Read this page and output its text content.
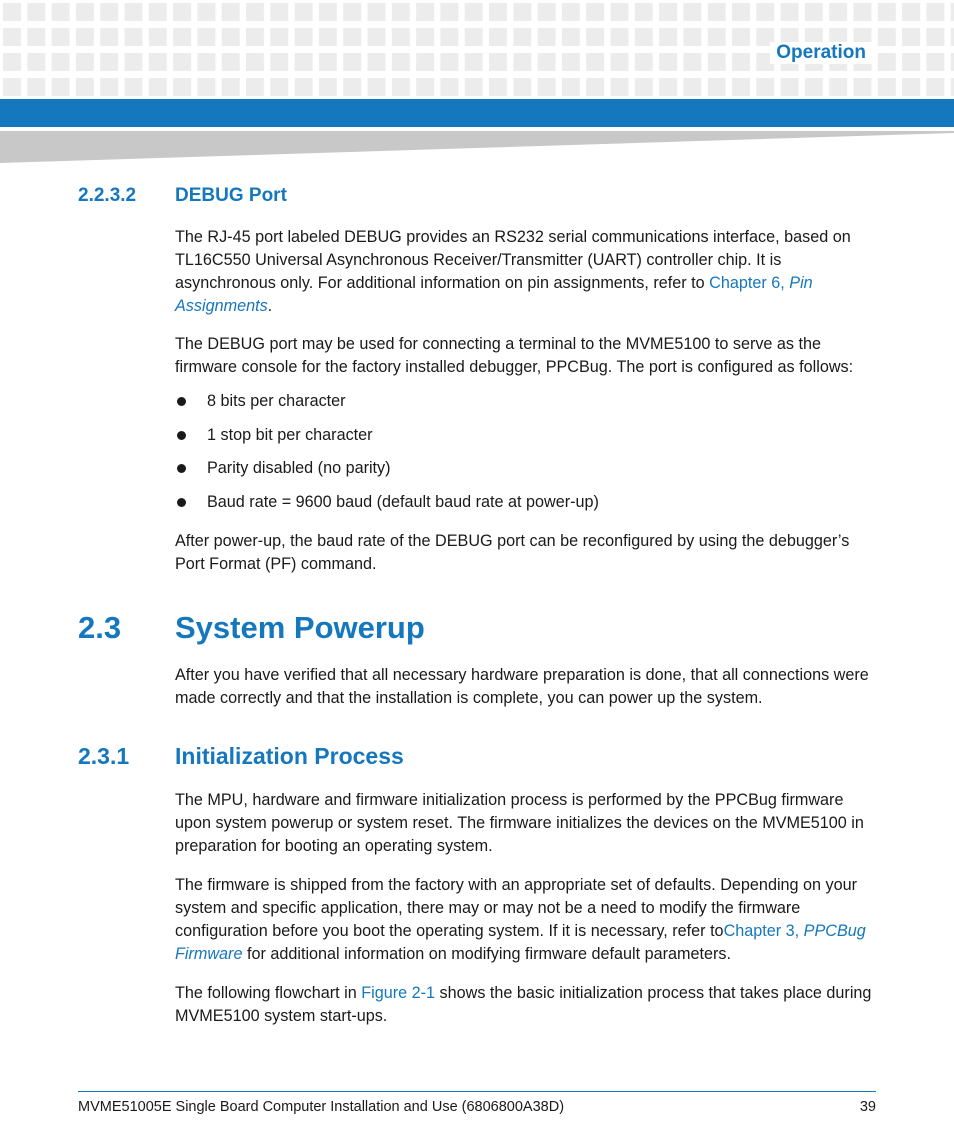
Operation
2.2.3.2 DEBUG Port
The RJ-45 port labeled DEBUG provides an RS232 serial communications interface, based on TL16C550 Universal Asynchronous Receiver/Transmitter (UART) controller chip. It is asynchronous only. For additional information on pin assignments, refer to Chapter 6, Pin Assignments.
The DEBUG port may be used for connecting a terminal to the MVME5100 to serve as the firmware console for the factory installed debugger, PPCBug. The port is configured as follows:
8 bits per character
1 stop bit per character
Parity disabled (no parity)
Baud rate = 9600 baud (default baud rate at power-up)
After power-up, the baud rate of the DEBUG port can be reconfigured by using the debugger’s Port Format (PF) command.
2.3 System Powerup
After you have verified that all necessary hardware preparation is done, that all connections were made correctly and that the installation is complete, you can power up the system.
2.3.1 Initialization Process
The MPU, hardware and firmware initialization process is performed by the PPCBug firmware upon system powerup or system reset. The firmware initializes the devices on the MVME5100 in preparation for booting an operating system.
The firmware is shipped from the factory with an appropriate set of defaults. Depending on your system and specific application, there may or may not be a need to modify the firmware configuration before you boot the operating system. If it is necessary, refer toChapter 3, PPCBug Firmware for additional information on modifying firmware default parameters.
The following flowchart in Figure 2-1 shows the basic initialization process that takes place during MVME5100 system start-ups.
MVME51005E Single Board Computer Installation and Use (6806800A38D)	39
